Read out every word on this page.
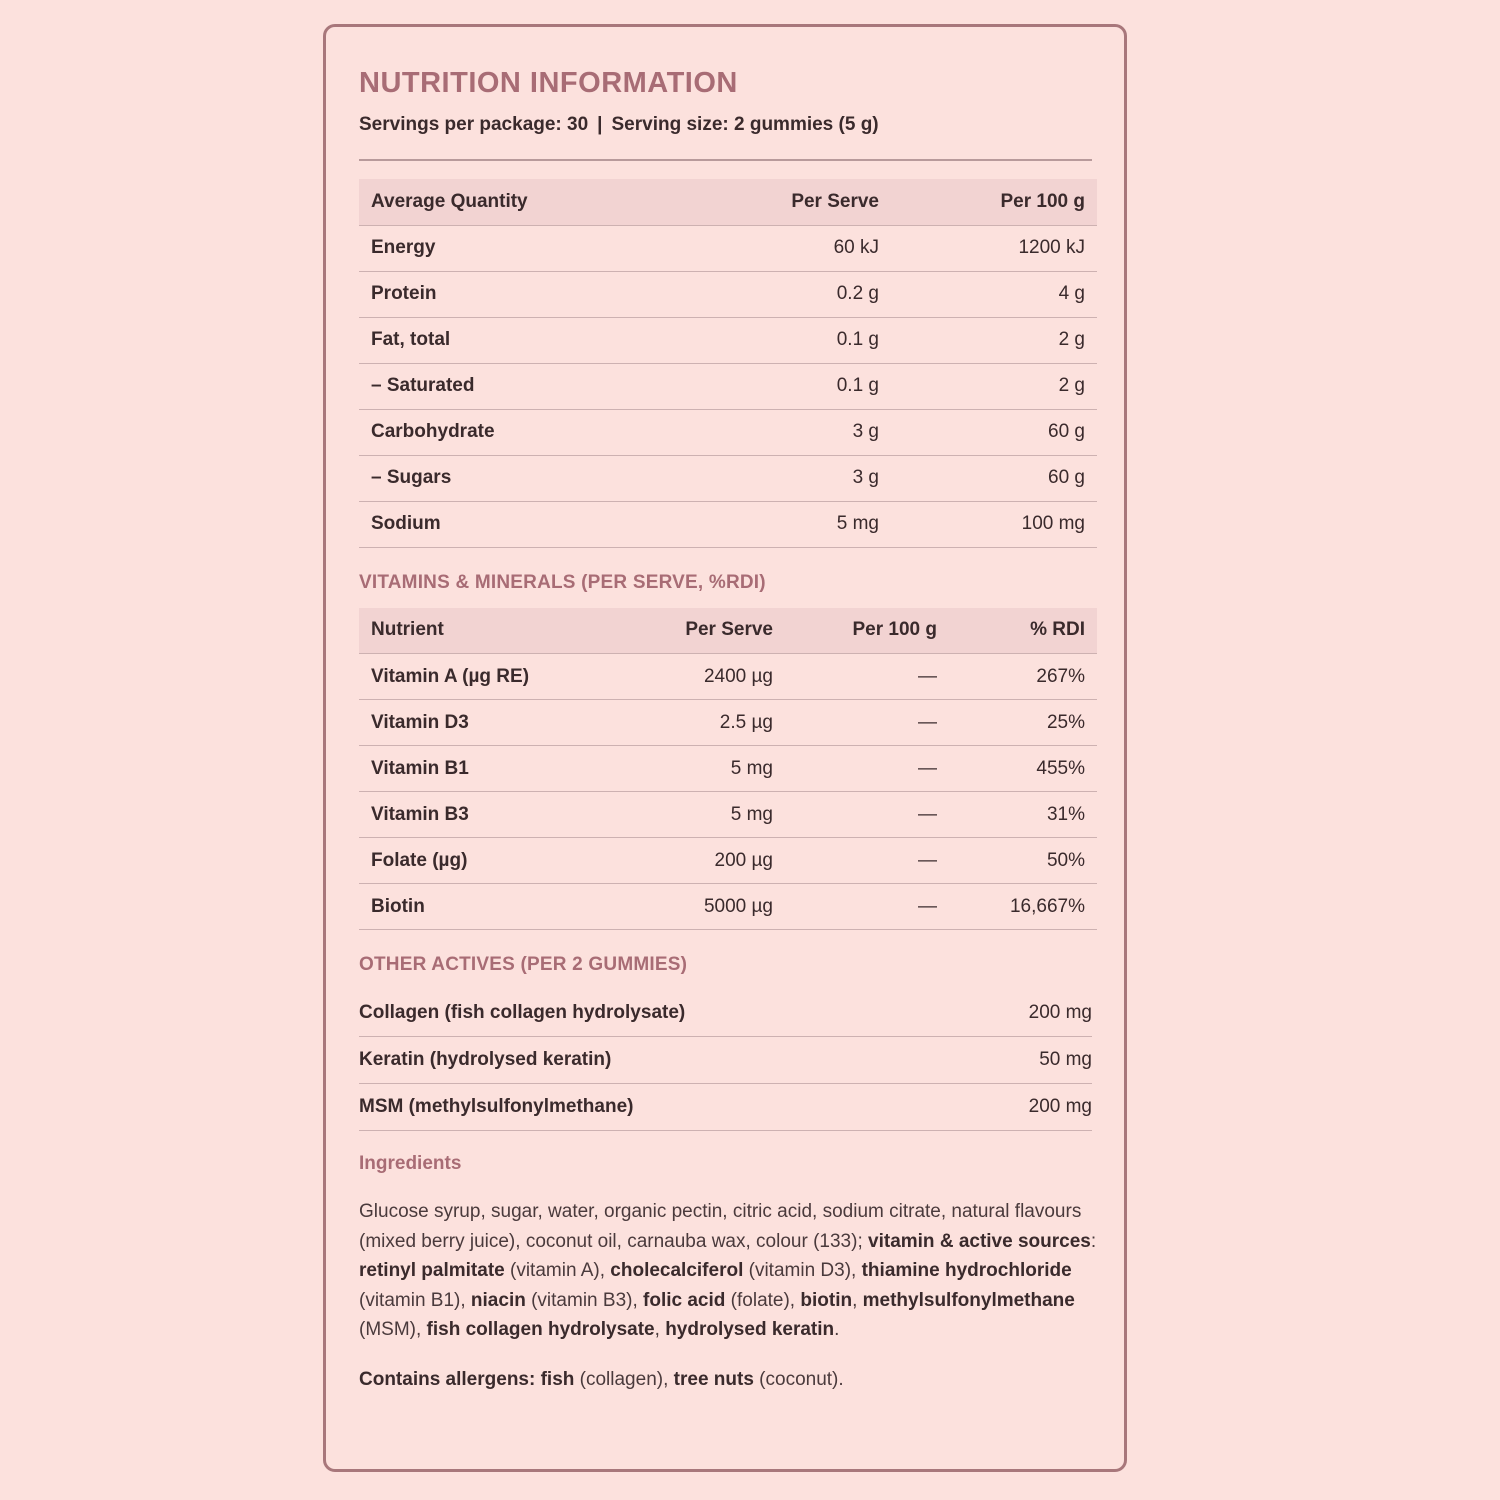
NUTRITION INFORMATION
Servings per package: 30 | Serving size: 2 gummies (5 g)
Average Quantity	Per Serve	Per 100 g
Energy	60 kJ	1200 kJ
Protein	0.2 g	4 g
Fat, total	0.1 g	2 g
– Saturated	0.1 g	2 g
Carbohydrate	3 g	60 g
– Sugars	3 g	60 g
Sodium	5 mg	100 mg
VITAMINS & MINERALS (PER SERVE, %RDI)
Nutrient	Per Serve	Per 100 g	% RDI
Vitamin A (µg RE)	2400 µg	—	267%
Vitamin D3	2.5 µg	—	25%
Vitamin B1	5 mg	—	455%
Vitamin B3	5 mg	—	31%
Folate (µg)	200 µg	—	50%
Biotin	5000 µg	—	16,667%
OTHER ACTIVES (PER 2 GUMMIES)
Collagen (fish collagen hydrolysate)	200 mg
Keratin (hydrolysed keratin)	50 mg
MSM (methylsulfonylmethane)	200 mg
Ingredients
Glucose syrup, sugar, water, organic pectin, citric acid, sodium citrate, natural flavours (mixed berry juice), coconut oil, carnauba wax, colour (133); vitamin & active sources: retinyl palmitate (vitamin A), cholecalciferol (vitamin D3), thiamine hydrochloride (vitamin B1), niacin (vitamin B3), folic acid (folate), biotin, methylsulfonylmethane (MSM), fish collagen hydrolysate, hydrolysed keratin.
Contains allergens: fish (collagen), tree nuts (coconut).
